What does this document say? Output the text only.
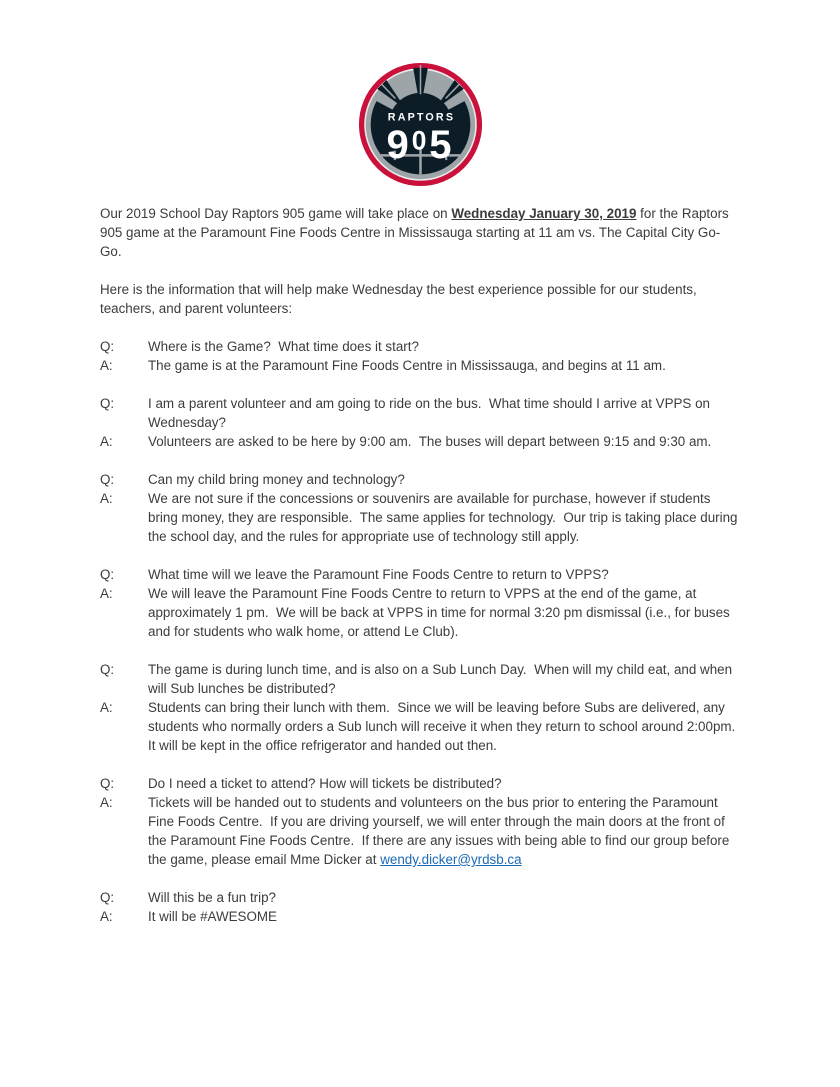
RAPTORS
$9^05$

Our 2019 School Day Raptors 905 game will take place on Wednesday January 30, 2019 for the Raptors 905 game at the Paramount Fine Foods Centre in Mississauga starting at 11 am vs. The Capital City Go-Go.

Here is the information that will help make Wednesday the best experience possible for our students, teachers, and parent volunteers:

Q:	Where is the Game?  What time does it start?
A:	The game is at the Paramount Fine Foods Centre in Mississauga, and begins at 11 am.
Q:	I am a parent volunteer and am going to ride on the bus.  What time should I arrive at VPPS on Wednesday?
A:	Volunteers are asked to be here by 9:00 am.  The buses will depart between 9:15 and 9:30 am.
Q:	Can my child bring money and technology?
A:	We are not sure if the concessions or souvenirs are available for purchase, however if students bring money, they are responsible.  The same applies for technology.  Our trip is taking place during the school day, and the rules for appropriate use of technology still apply.
Q:	What time will we leave the Paramount Fine Foods Centre to return to VPPS?
A:	We will leave the Paramount Fine Foods Centre to return to VPPS at the end of the game, at approximately 1 pm.  We will be back at VPPS in time for normal 3:20 pm dismissal (i.e., for buses and for students who walk home, or attend Le Club).
Q:	The game is during lunch time, and is also on a Sub Lunch Day.  When will my child eat, and when will Sub lunches be distributed?
A:	Students can bring their lunch with them.  Since we will be leaving before Subs are delivered, any students who normally orders a Sub lunch will receive it when they return to school around 2:00pm.  It will be kept in the office refrigerator and handed out then.
Q:	Do I need a ticket to attend? How will tickets be distributed?
A:	Tickets will be handed out to students and volunteers on the bus prior to entering the Paramount Fine Foods Centre.  If you are driving yourself, we will enter through the main doors at the front of the Paramount Fine Foods Centre.  If there are any issues with being able to find our group before the game, please email Mme Dicker at wendy.dicker@yrdsb.ca
Q:	Will this be a fun trip?
A:	It will be #AWESOME
